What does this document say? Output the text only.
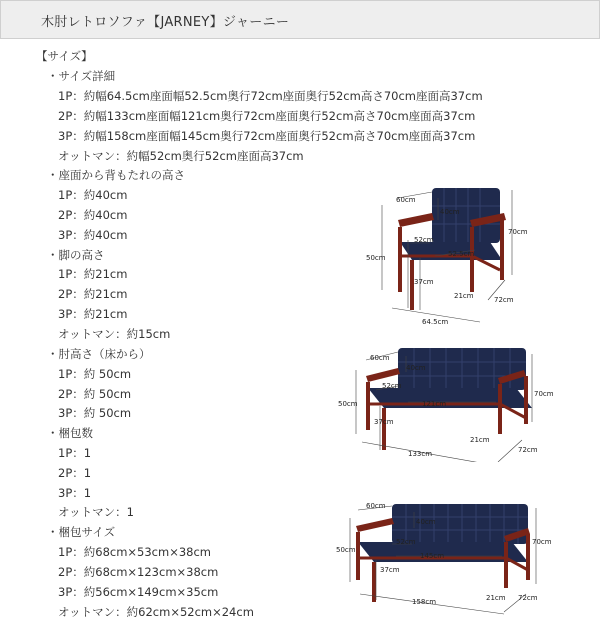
木肘レトロソファ【JARNEY】ジャーニー
【サイズ】
・サイズ詳細
1P：約幅64.5cm座面幅52.5cm奥行72cm座面奥行52cm高さ70cm座面高37cm
2P：約幅133cm座面幅121cm奥行72cm座面奥行52cm高さ70cm座面高37cm
3P：約幅158cm座面幅145cm奥行72cm座面奥行52cm高さ70cm座面高37cm
オットマン：約幅52cm奥行52cm座面高37cm
・座面から背もたれの高さ
1P：約40cm
2P：約40cm
3P：約40cm
・脚の高さ
1P：約21cm
2P：約21cm
3P：約21cm
オットマン：約15cm
・肘高さ（床から）
1P：約 50cm
2P：約 50cm
3P：約 50cm
・梱包数
1P：1
2P：1
3P：1
オットマン：1
・梱包サイズ
1P：約68cm×53cm×38cm
2P：約68cm×123cm×38cm
3P：約56cm×149cm×35cm
オットマン：約62cm×52cm×24cm
60cm
40cm
52cm
52.5cm
70cm
50cm
37cm
21cm	72cm
64.5cm
60cm
40cm
52cm
121cm
70cm
50cm
37cm
21cm
72cm
133cm
60cm
40cm
52cm
145cm
70cm
50cm
37cm
21cm 72cm
158cm
